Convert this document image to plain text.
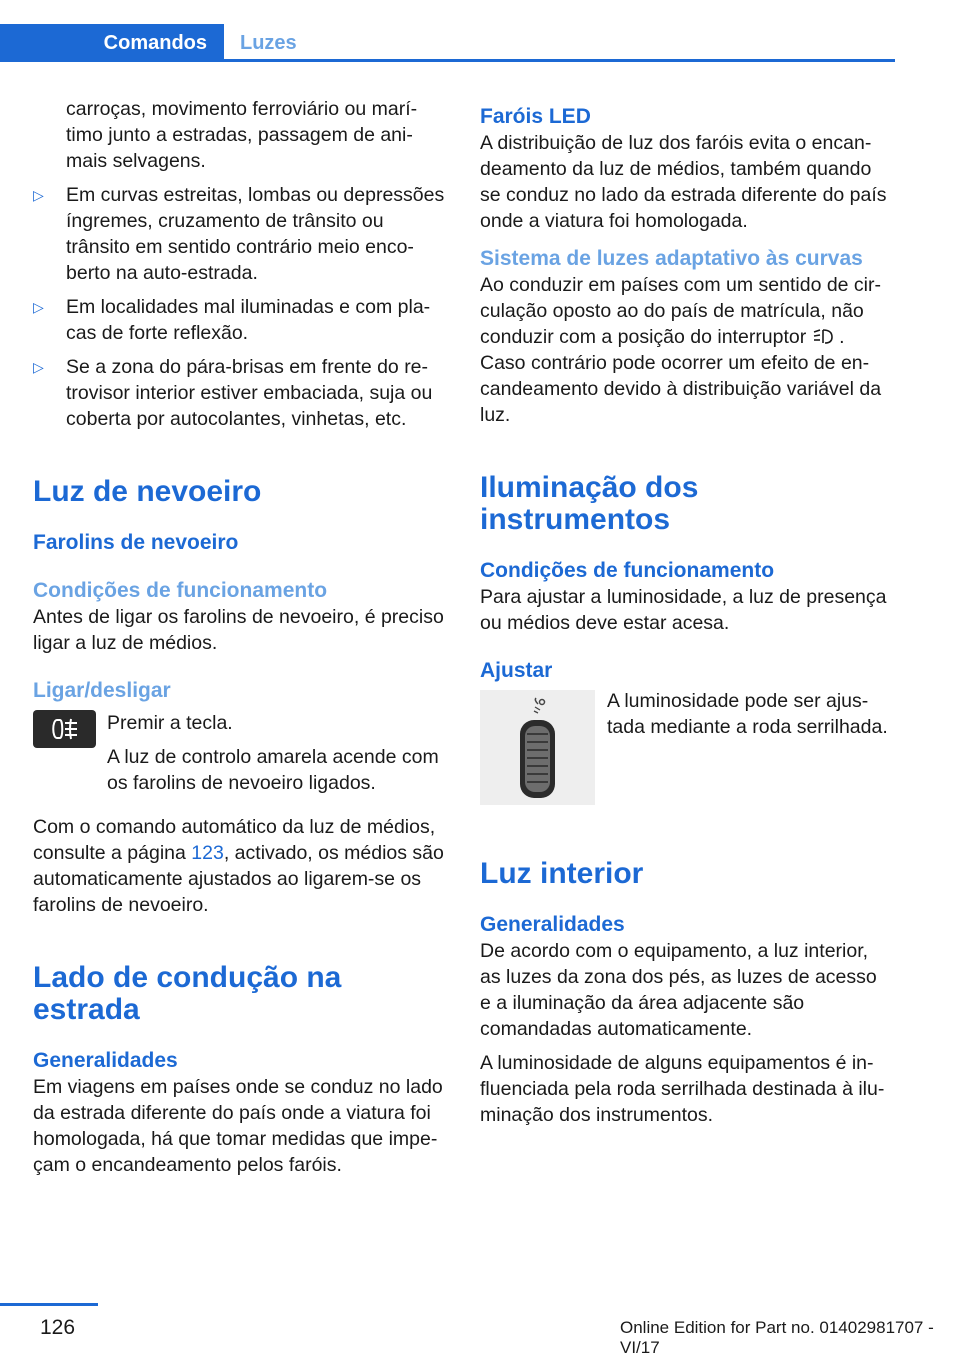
Comandos	Luzes

carroças, movimento ferroviário ou marítimo junto a estradas, passagem de animais selvagens.

▷ Em curvas estreitas, lombas ou depressões íngremes, cruzamento de trânsito ou trânsito em sentido contrário meio encoberto na auto-estrada.
▷ Em localidades mal iluminadas e com placas de forte reflexão.
▷ Se a zona do pára-brisas em frente do retrovisor interior estiver embaciada, suja ou coberta por autocolantes, vinhetas, etc.
Luz de nevoeiro
Farolins de nevoeiro
Condições de funcionamento

Antes de ligar os farolins de nevoeiro, é preciso ligar a luz de médios.

Ligar/desligar

Premir a tecla.

A luz de controlo amarela acende com os farolins de nevoeiro ligados.

Com o comando automático da luz de médios, consulte a página 123, activado, os médios são automaticamente ajustados ao ligarem-se os farolins de nevoeiro.

Lado de condução na estrada
Generalidades

Em viagens em países onde se conduz no lado da estrada diferente do país onde a viatura foi homologada, há que tomar medidas que impeçam o encandeamento pelos faróis.

Faróis LED

A distribuição de luz dos faróis evita o encandeamento da luz de médios, também quando se conduz no lado da estrada diferente do país onde a viatura foi homologada.

Sistema de luzes adaptativo às curvas

Ao conduzir em países com um sentido de circulação oposto ao do país de matrícula, não conduzir com a posição do interruptor  . Caso contrário pode ocorrer um efeito de encandeamento devido à distribuição variável da luz.

Iluminação dos instrumentos
Condições de funcionamento

Para ajustar a luminosidade, a luz de presença ou médios deve estar acesa.

Ajustar

A luminosidade pode ser ajustada mediante a roda serrilhada.

Luz interior
Generalidades

De acordo com o equipamento, a luz interior, as luzes da zona dos pés, as luzes de acesso e a iluminação da área adjacente são comandadas automaticamente.

A luminosidade de alguns equipamentos é influenciada pela roda serrilhada destinada à iluminação dos instrumentos.

126	Online Edition for Part no. 01402981707 - VI/17
